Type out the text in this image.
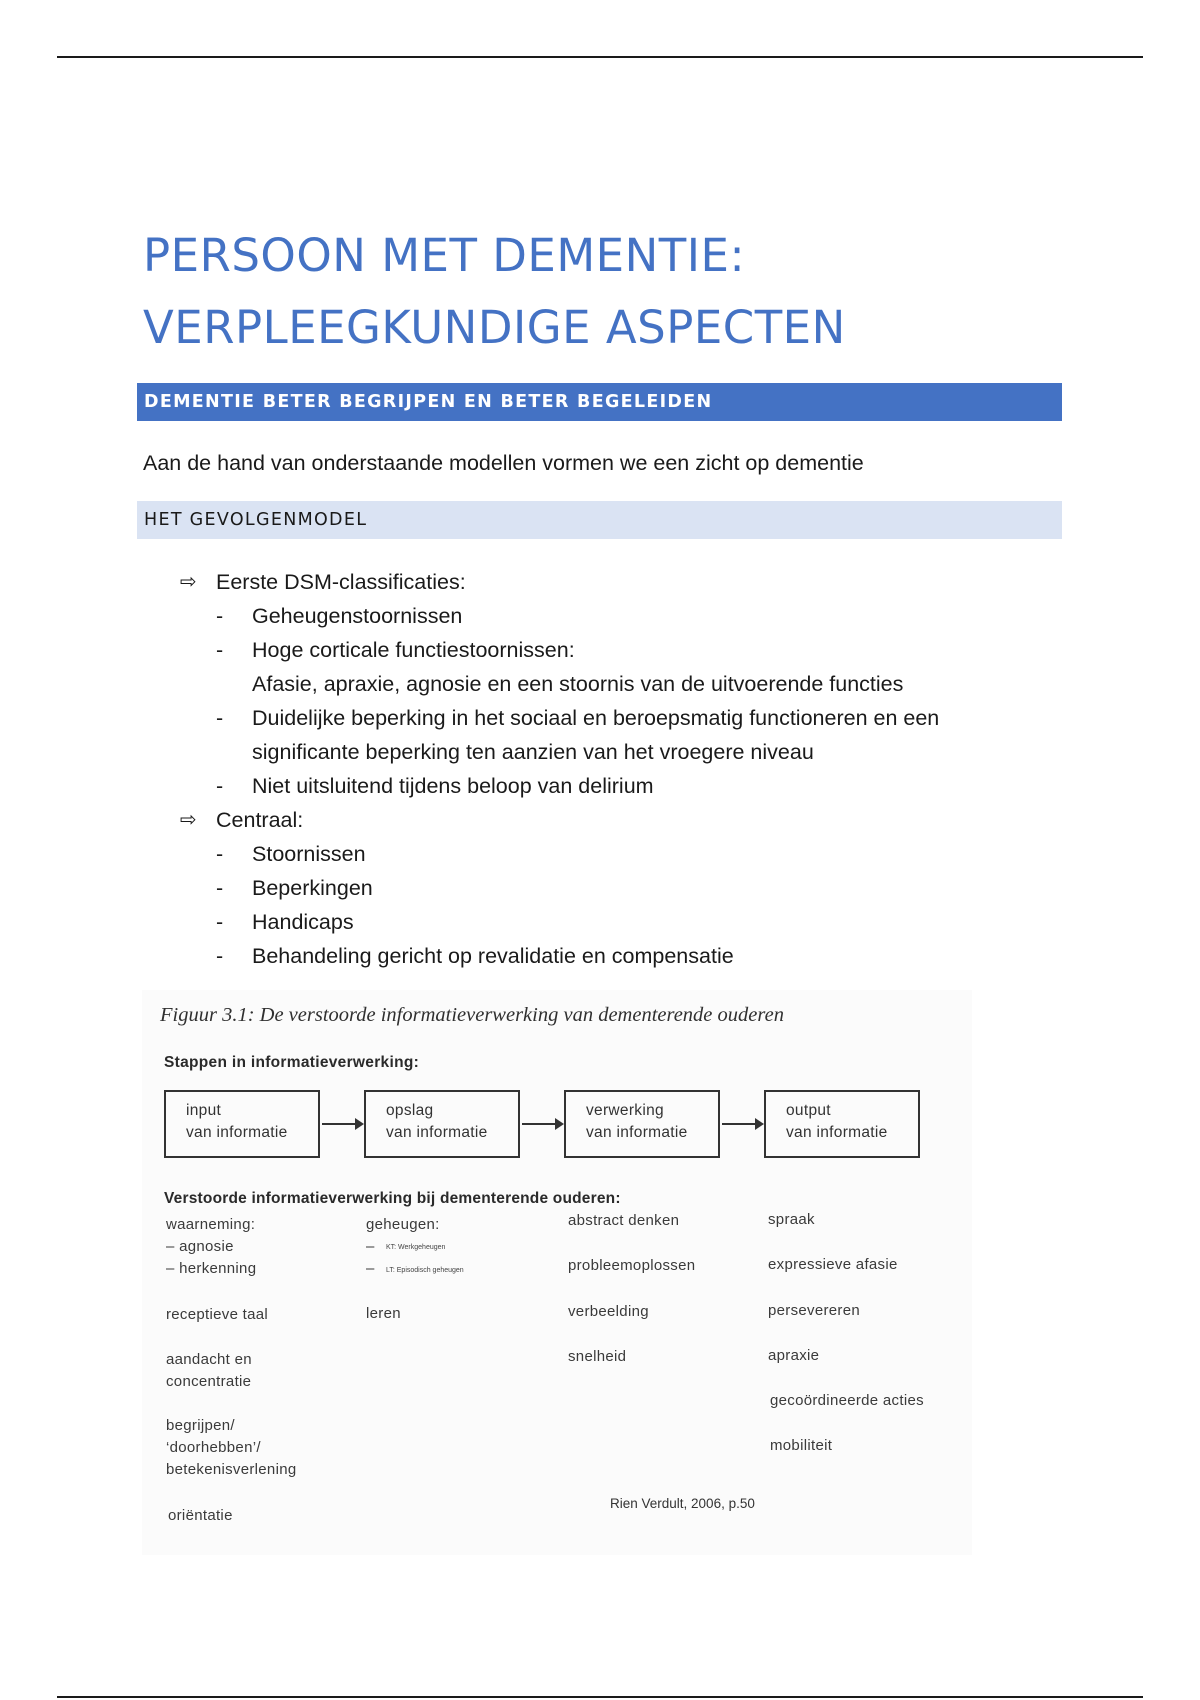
PERSOON MET DEMENTIE:
VERPLEEGKUNDIGE ASPECTEN
DEMENTIE BETER BEGRIJPEN EN BETER BEGELEIDEN

Aan de hand van onderstaande modellen vormen we een zicht op dementie

HET GEVOLGENMODEL
⇨ Eerste DSM-classificaties:
- Geheugenstoornissen
- Hoge corticale functiestoornissen:
Afasie, apraxie, agnosie en een stoornis van de uitvoerende functies
- Duidelijke beperking in het sociaal en beroepsmatig functioneren en een
significante beperking ten aanzien van het vroegere niveau
- Niet uitsluitend tijdens beloop van delirium
⇨ Centraal:
- Stoornissen
- Beperkingen
- Handicaps
- Behandeling gericht op revalidatie en compensatie
Figuur 3.1: De verstoorde informatieverwerking van dementerende ouderen
Stappen in informatieverwerking:
input
van informatie
opslag
van informatie
verwerking
van informatie
output
van informatie
Verstoorde informatieverwerking bij dementerende ouderen:
waarneming:
– agnosie
– herkenning
receptieve taal
aandacht en
concentratie
begrijpen/
‘doorhebben’/
betekenisverlening
oriëntatie
geheugen:
– KT: Werkgeheugen
– LT: Episodisch geheugen
leren
abstract denken
probleemoplossen
verbeelding
snelheid
spraak
expressieve afasie
persevereren
apraxie
gecoördineerde acties
mobiliteit
Rien Verdult, 2006, p.50
